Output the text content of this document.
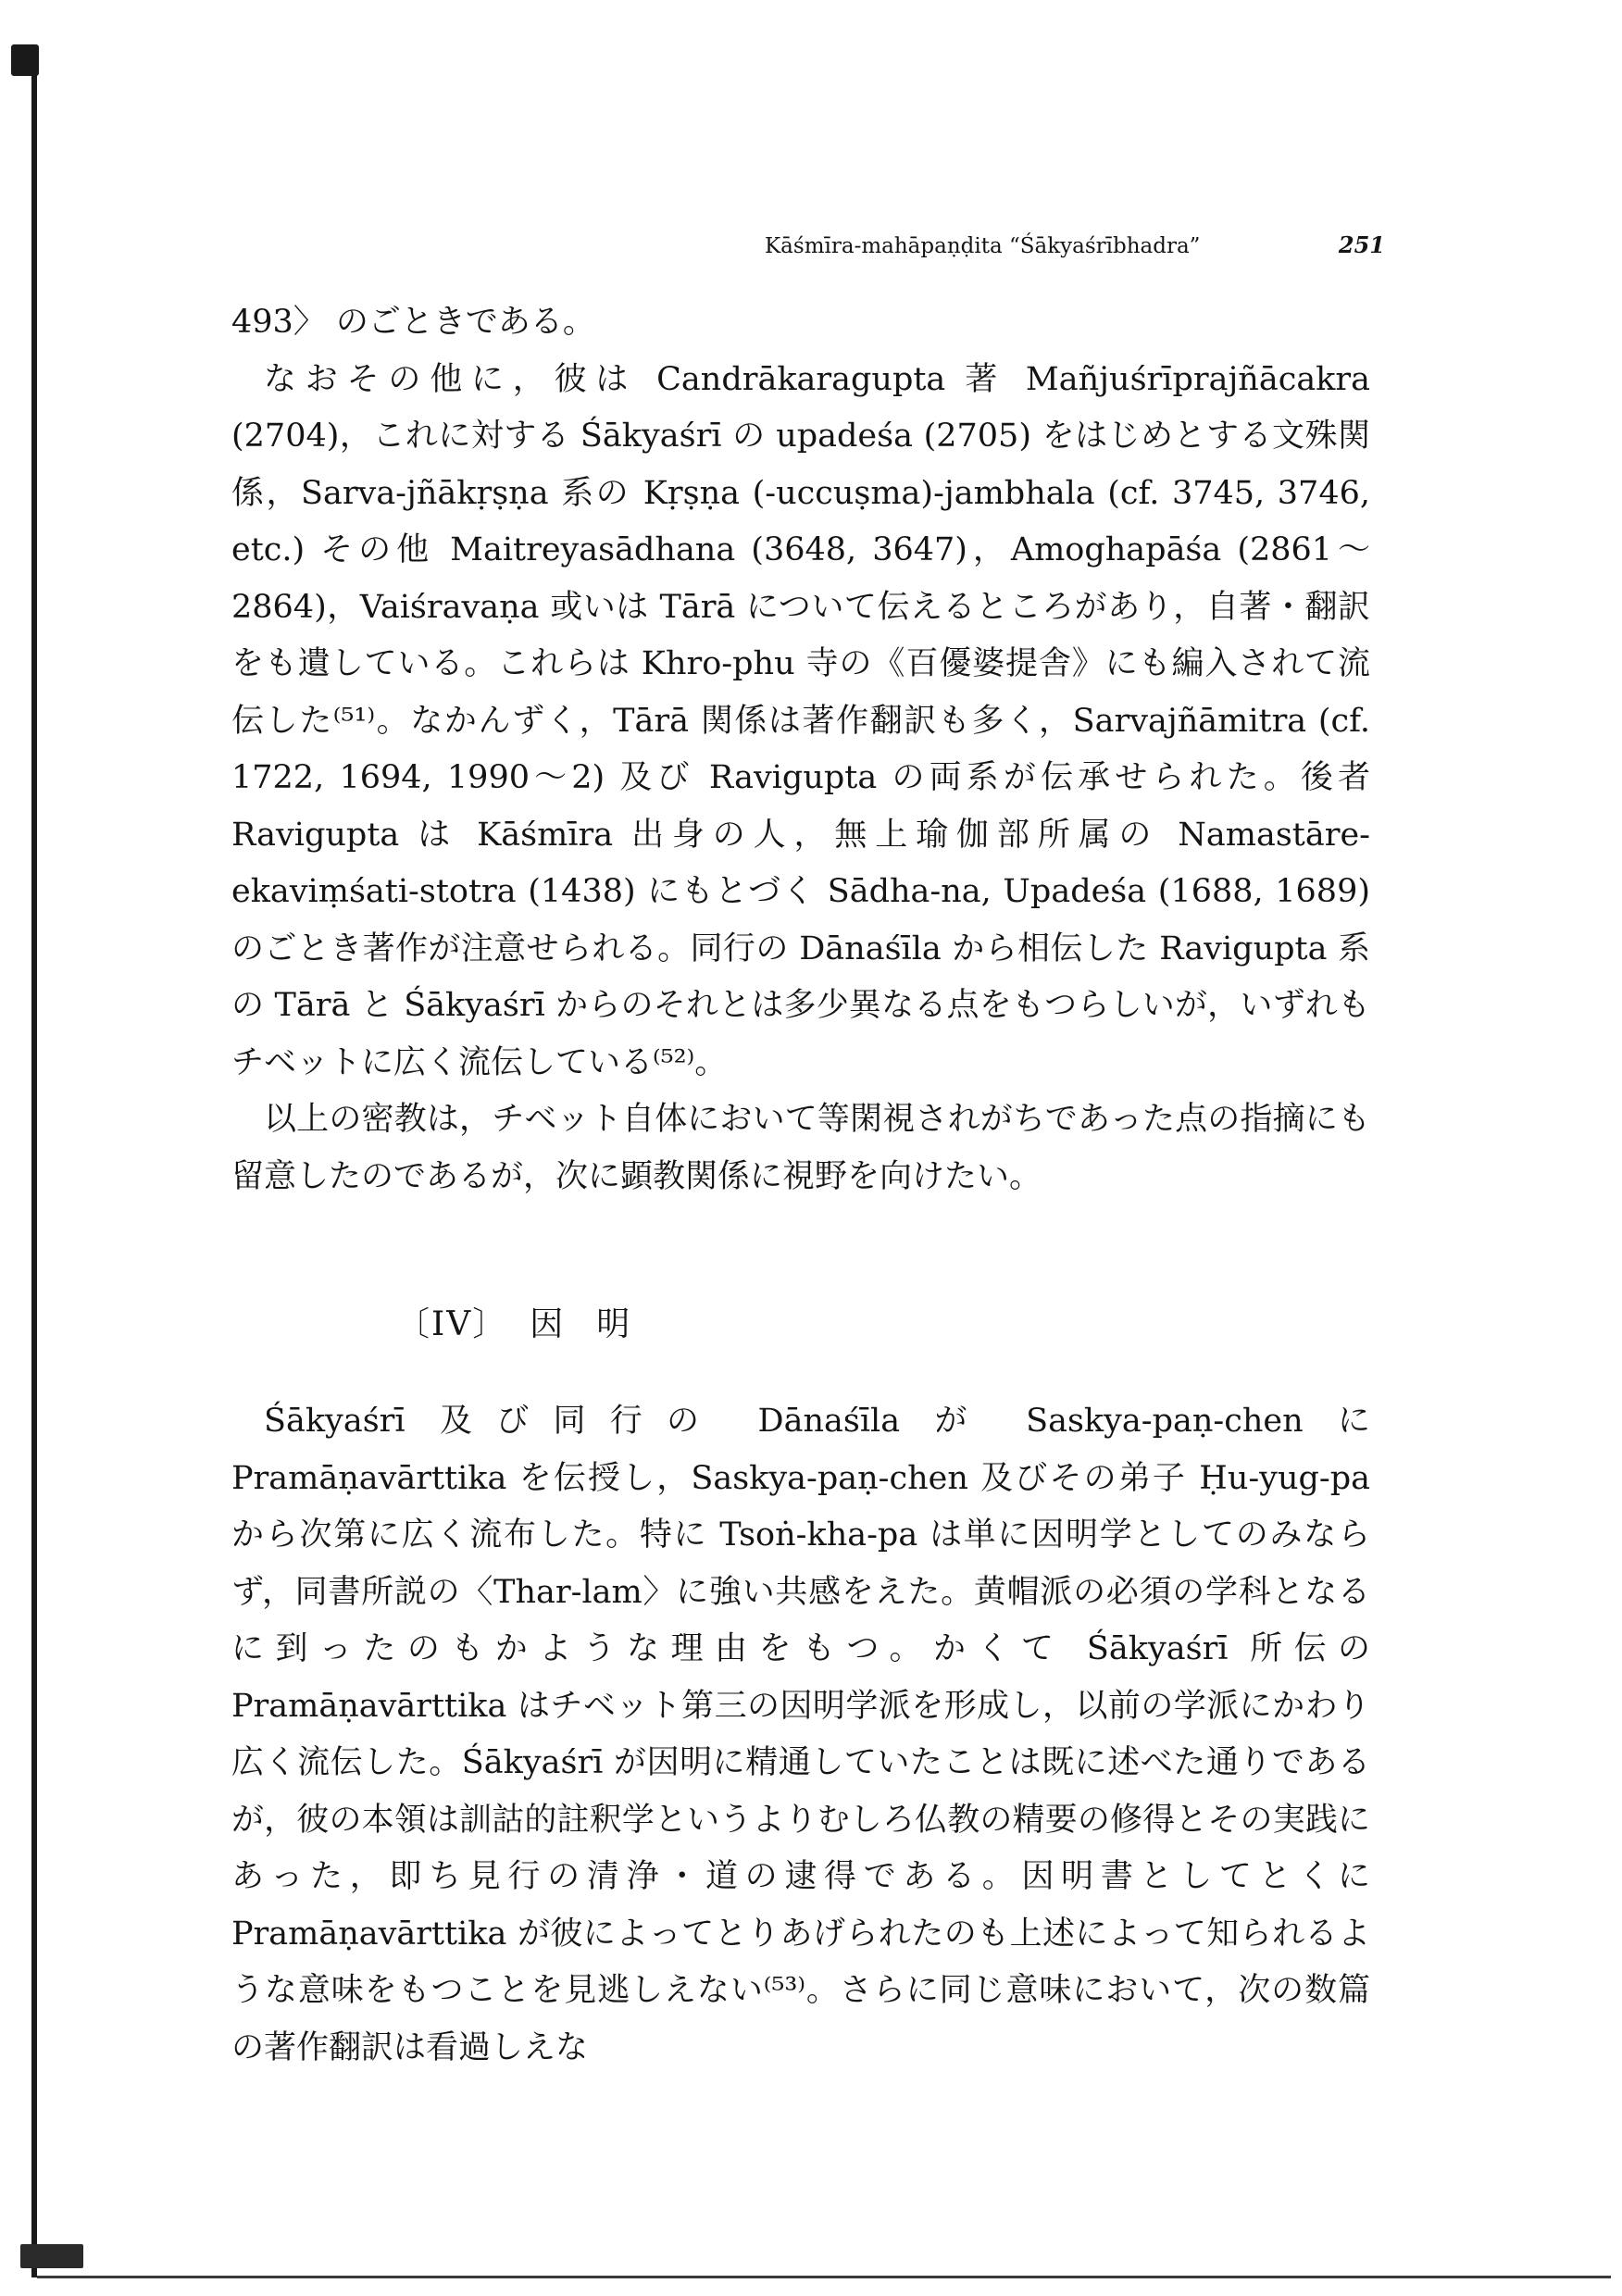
Kāśmīra-mahāpaṇḍita “Śākyaśrībhadra”	251

493〉 のごときである。

なおその他に，彼は Candrākaragupta 著 Mañjuśrīprajñācakra (2704)，これに対する Śākyaśrī の upadeśa (2705) をはじめとする文殊関係，Sarva-jñākṛṣṇa 系の Kṛṣṇa (-uccuṣma)-jambhala (cf. 3745, 3746, etc.) その他 Maitreyasādhana (3648, 3647)，Amoghapāśa (2861〜2864)，Vaiśravaṇa 或いは Tārā について伝えるところがあり，自著・翻訳をも遺している。これらは Khro-phu 寺の《百優婆提舎》にも編入されて流伝した⁽⁵¹⁾。なかんずく，Tārā 関係は著作翻訳も多く，Sarvajñāmitra (cf. 1722, 1694, 1990〜2) 及び Ravigupta の両系が伝承せられた。後者 Ravigupta は Kāśmīra 出身の人，無上瑜伽部所属の Namastāre-ekaviṃśati-stotra (1438) にもとづく Sādha-na, Upadeśa (1688, 1689) のごとき著作が注意せられる。同行の Dānaśīla から相伝した Ravigupta 系の Tārā と Śākyaśrī からのそれとは多少異なる点をもつらしいが，いずれもチベットに広く流伝している⁽⁵²⁾。

以上の密教は，チベット自体において等閑視されがちであった点の指摘にも留意したのであるが，次に顕教関係に視野を向けたい。

〔IV〕 因明

Śākyaśrī 及び同行の Dānaśīla が Saskya-paṇ-chen に Pramāṇavārttika を伝授し，Saskya-paṇ-chen 及びその弟子 Ḥu-yug-pa から次第に広く流布した。特に Tsoṅ-kha-pa は単に因明学としてのみならず，同書所説の〈Thar-lam〉に強い共感をえた。黄帽派の必須の学科となるに到ったのもかような理由をもつ。かくて Śākyaśrī 所伝の Pramāṇavārttika はチベット第三の因明学派を形成し，以前の学派にかわり広く流伝した。Śākyaśrī が因明に精通していたことは既に述べた通りであるが，彼の本領は訓詁的註釈学というよりむしろ仏教の精要の修得とその実践にあった，即ち見行の清浄・道の逮得である。因明書としてとくに Pramāṇavārttika が彼によってとりあげられたのも上述によって知られるような意味をもつことを見逃しえない⁽⁵³⁾。さらに同じ意味において，次の数篇の著作翻訳は看過しえな
